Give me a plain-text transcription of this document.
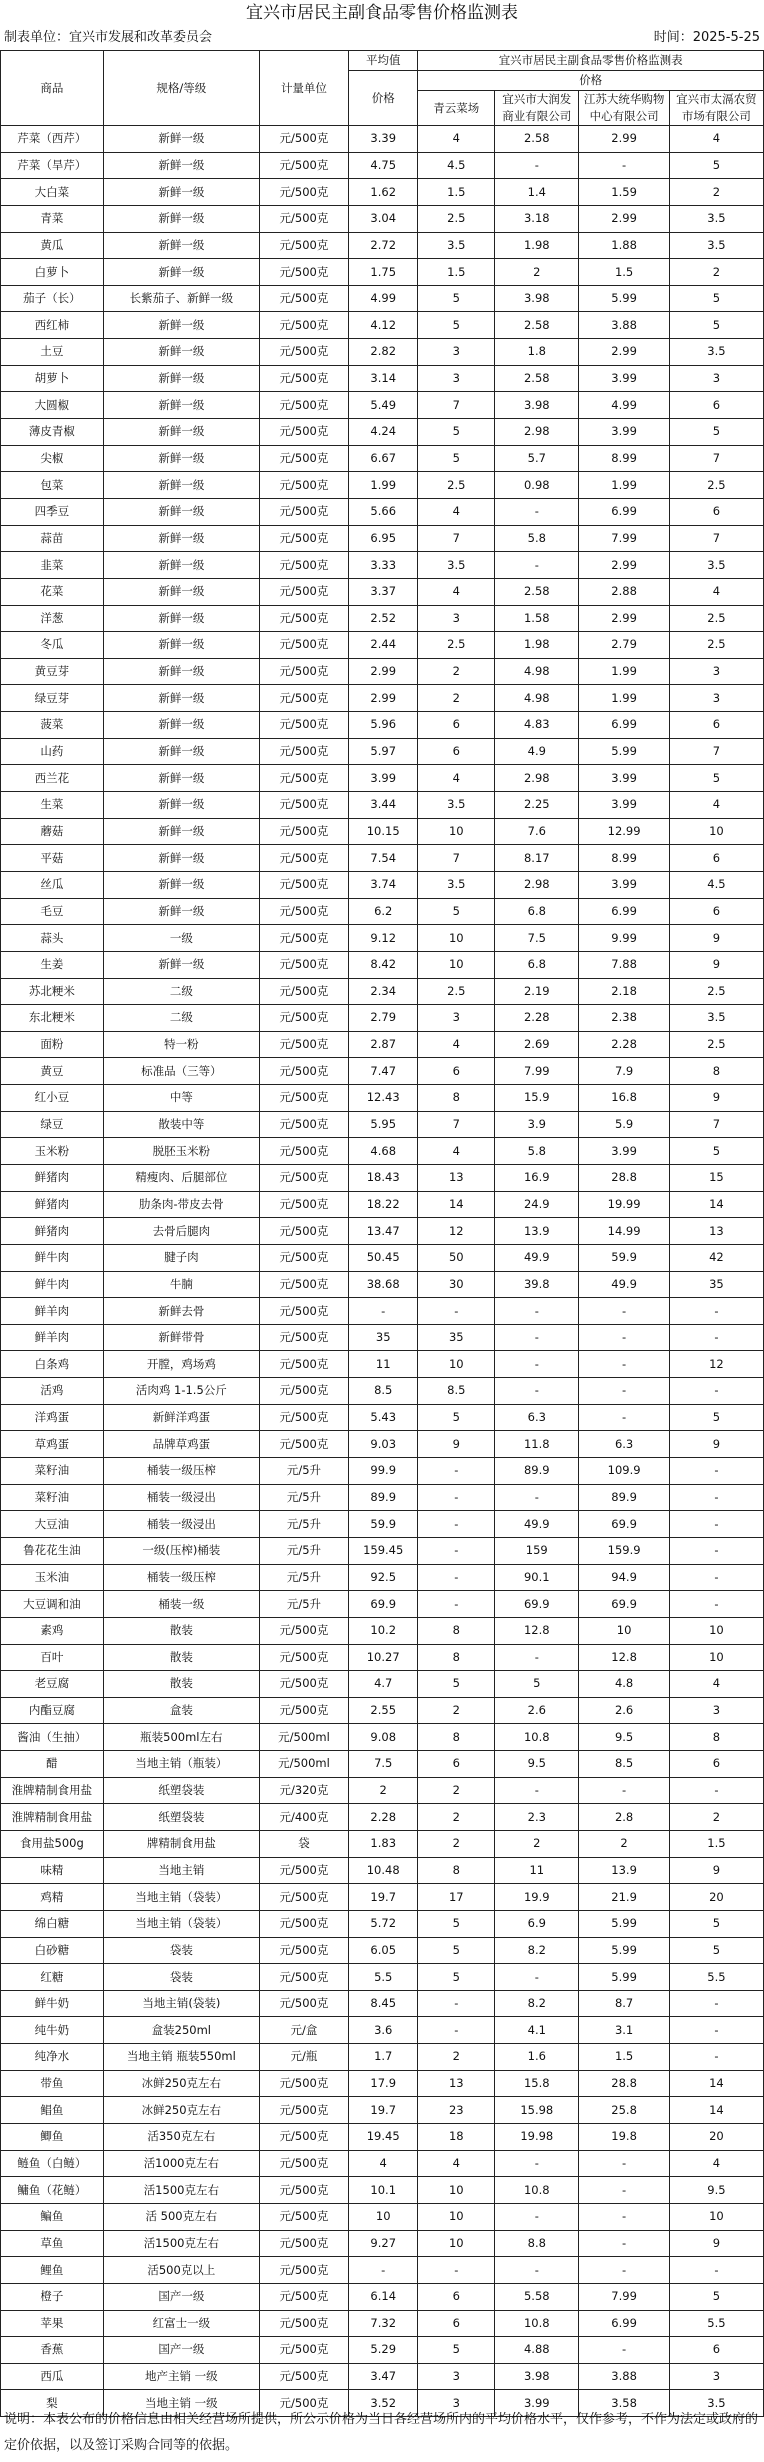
宜兴市居民主副食品零售价格监测表
制表单位：宜兴市发展和改革委员会	时间：2025-5-25
商品	规格/等级	计量单位	平均值	宜兴市居民主副食品零售价格监测表			
			价格	价格			
				青云菜场	宜兴市大润发商业有限公司	江苏大统华购物中心有限公司	宜兴市太滆农贸市场有限公司

芹菜（西芹）	新鲜一级	元/500克	3.39	4	2.58	2.99	4
芹菜（旱芹）	新鲜一级	元/500克	4.75	4.5	-	-	5
大白菜	新鲜一级	元/500克	1.62	1.5	1.4	1.59	2
青菜	新鲜一级	元/500克	3.04	2.5	3.18	2.99	3.5
黄瓜	新鲜一级	元/500克	2.72	3.5	1.98	1.88	3.5
白萝卜	新鲜一级	元/500克	1.75	1.5	2	1.5	2
茄子（长）	长紫茄子、新鲜一级	元/500克	4.99	5	3.98	5.99	5
西红柿	新鲜一级	元/500克	4.12	5	2.58	3.88	5
土豆	新鲜一级	元/500克	2.82	3	1.8	2.99	3.5
胡萝卜	新鲜一级	元/500克	3.14	3	2.58	3.99	3
大圆椒	新鲜一级	元/500克	5.49	7	3.98	4.99	6
薄皮青椒	新鲜一级	元/500克	4.24	5	2.98	3.99	5
尖椒	新鲜一级	元/500克	6.67	5	5.7	8.99	7
包菜	新鲜一级	元/500克	1.99	2.5	0.98	1.99	2.5
四季豆	新鲜一级	元/500克	5.66	4	-	6.99	6
蒜苗	新鲜一级	元/500克	6.95	7	5.8	7.99	7
韭菜	新鲜一级	元/500克	3.33	3.5	-	2.99	3.5
花菜	新鲜一级	元/500克	3.37	4	2.58	2.88	4
洋葱	新鲜一级	元/500克	2.52	3	1.58	2.99	2.5
冬瓜	新鲜一级	元/500克	2.44	2.5	1.98	2.79	2.5
黄豆芽	新鲜一级	元/500克	2.99	2	4.98	1.99	3
绿豆芽	新鲜一级	元/500克	2.99	2	4.98	1.99	3
菠菜	新鲜一级	元/500克	5.96	6	4.83	6.99	6
山药	新鲜一级	元/500克	5.97	6	4.9	5.99	7
西兰花	新鲜一级	元/500克	3.99	4	2.98	3.99	5
生菜	新鲜一级	元/500克	3.44	3.5	2.25	3.99	4
蘑菇	新鲜一级	元/500克	10.15	10	7.6	12.99	10
平菇	新鲜一级	元/500克	7.54	7	8.17	8.99	6
丝瓜	新鲜一级	元/500克	3.74	3.5	2.98	3.99	4.5
毛豆	新鲜一级	元/500克	6.2	5	6.8	6.99	6
蒜头	一级	元/500克	9.12	10	7.5	9.99	9
生姜	新鲜一级	元/500克	8.42	10	6.8	7.88	9
苏北粳米	二级	元/500克	2.34	2.5	2.19	2.18	2.5
东北粳米	二级	元/500克	2.79	3	2.28	2.38	3.5
面粉	特一粉	元/500克	2.87	4	2.69	2.28	2.5
黄豆	标准品（三等）	元/500克	7.47	6	7.99	7.9	8
红小豆	中等	元/500克	12.43	8	15.9	16.8	9
绿豆	散装中等	元/500克	5.95	7	3.9	5.9	7
玉米粉	脱胚玉米粉	元/500克	4.68	4	5.8	3.99	5
鲜猪肉	精瘦肉、后腿部位	元/500克	18.43	13	16.9	28.8	15
鲜猪肉	肋条肉-带皮去骨	元/500克	18.22	14	24.9	19.99	14
鲜猪肉	去骨后腿肉	元/500克	13.47	12	13.9	14.99	13
鲜牛肉	腱子肉	元/500克	50.45	50	49.9	59.9	42
鲜牛肉	牛腩	元/500克	38.68	30	39.8	49.9	35
鲜羊肉	新鲜去骨	元/500克	-	-	-	-	-
鲜羊肉	新鲜带骨	元/500克	35	35	-	-	-
白条鸡	开膛，鸡场鸡	元/500克	11	10	-	-	12
活鸡	活肉鸡 1-1.5公斤	元/500克	8.5	8.5	-	-	-
洋鸡蛋	新鲜洋鸡蛋	元/500克	5.43	5	6.3	-	5
草鸡蛋	品牌草鸡蛋	元/500克	9.03	9	11.8	6.3	9
菜籽油	桶装一级压榨	元/5升	99.9	-	89.9	109.9	-
菜籽油	桶装一级浸出	元/5升	89.9	-	-	89.9	-
大豆油	桶装一级浸出	元/5升	59.9	-	49.9	69.9	-
鲁花花生油	一级(压榨)桶装	元/5升	159.45	-	159	159.9	-
玉米油	桶装一级压榨	元/5升	92.5	-	90.1	94.9	-
大豆调和油	桶装一级	元/5升	69.9	-	69.9	69.9	-
素鸡	散装	元/500克	10.2	8	12.8	10	10
百叶	散装	元/500克	10.27	8	-	12.8	10
老豆腐	散装	元/500克	4.7	5	5	4.8	4
内酯豆腐	盒装	元/500克	2.55	2	2.6	2.6	3
酱油（生抽）	瓶装500ml左右	元/500ml	9.08	8	10.8	9.5	8
醋	当地主销（瓶装）	元/500ml	7.5	6	9.5	8.5	6
淮牌精制食用盐	纸塑袋装	元/320克	2	2	-	-	-
淮牌精制食用盐	纸塑袋装	元/400克	2.28	2	2.3	2.8	2
食用盐500g	牌精制食用盐	袋	1.83	2	2	2	1.5
味精	当地主销	元/500克	10.48	8	11	13.9	9
鸡精	当地主销（袋装）	元/500克	19.7	17	19.9	21.9	20
绵白糖	当地主销（袋装）	元/500克	5.72	5	6.9	5.99	5
白砂糖	袋装	元/500克	6.05	5	8.2	5.99	5
红糖	袋装	元/500克	5.5	5	-	5.99	5.5
鲜牛奶	当地主销(袋装)	元/500克	8.45	-	8.2	8.7	-
纯牛奶	盒装250ml	元/盒	3.6	-	4.1	3.1	-
纯净水	当地主销 瓶装550ml	元/瓶	1.7	2	1.6	1.5	-
带鱼	冰鲜250克左右	元/500克	17.9	13	15.8	28.8	14
鲳鱼	冰鲜250克左右	元/500克	19.7	23	15.98	25.8	14
鲫鱼	活350克左右	元/500克	19.45	18	19.98	19.8	20
鲢鱼（白鲢）	活1000克左右	元/500克	4	4	-	-	4
鳙鱼（花鲢）	活1500克左右	元/500克	10.1	10	10.8	-	9.5
鳊鱼	活 500克左右	元/500克	10	10	-	-	10
草鱼	活1500克左右	元/500克	9.27	10	8.8	-	9
鲤鱼	活500克以上	元/500克	-	-	-	-	-
橙子	国产一级	元/500克	6.14	6	5.58	7.99	5
苹果	红富士一级	元/500克	7.32	6	10.8	6.99	5.5
香蕉	国产一级	元/500克	5.29	5	4.88	-	6
西瓜	地产主销 一级	元/500克	3.47	3	3.98	3.88	3
梨	当地主销 一级	元/500克	3.52	3	3.99	3.58	3.5
说明：本表公布的价格信息由相关经营场所提供，所公示价格为当日各经营场所内的平均价格水平，仅作参考，不作为法定或政府的定价依据，以及签订采购合同等的依据。
